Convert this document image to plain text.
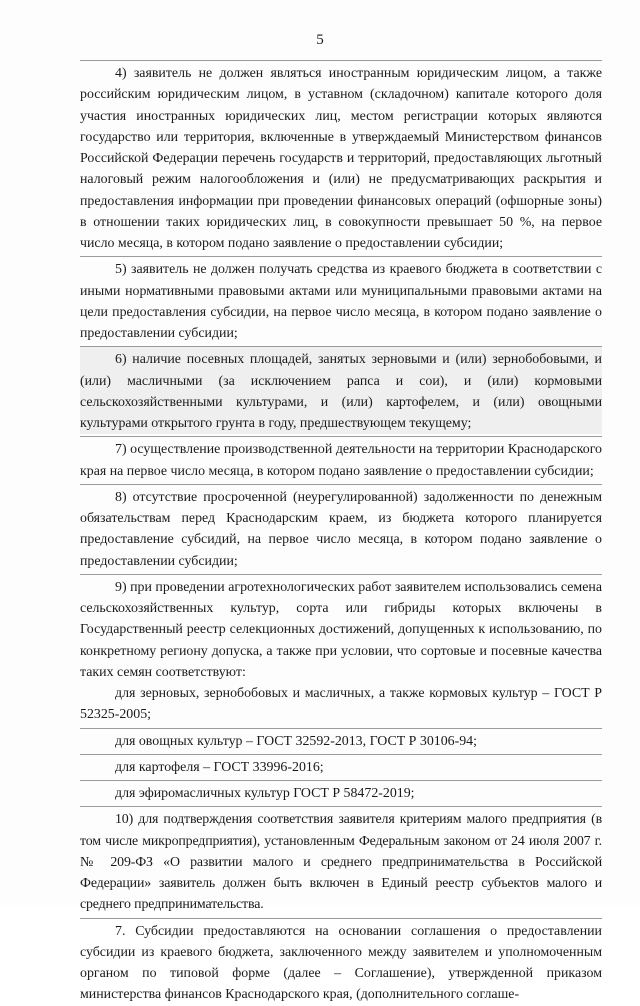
5

4) заявитель не должен являться иностранным юридическим лицом, а также российским юридическим лицом, в уставном (складочном) капитале которого доля участия иностранных юридических лиц, местом регистрации которых являются государство или территория, включенные в утверждаемый Министерством финансов Российской Федерации перечень государств и территорий, предоставляющих льготный налоговый режим налогообложения и (или) не предусматривающих раскрытия и предоставления информации при проведении финансовых операций (офшорные зоны) в отношении таких юридических лиц, в совокупности превышает 50 %, на первое число месяца, в котором подано заявление о предоставлении субсидии;

5) заявитель не должен получать средства из краевого бюджета в соответствии с иными нормативными правовыми актами или муниципальными правовыми актами на цели предоставления субсидии, на первое число месяца, в котором подано заявление о предоставлении субсидии;

6) наличие посевных площадей, занятых зерновыми и (или) зернобобовыми, и (или) масличными (за исключением рапса и сои), и (или) кормовыми сельскохозяйственными культурами, и (или) картофелем, и (или) овощными культурами открытого грунта в году, предшествующем текущему;

7) осуществление производственной деятельности на территории Краснодарского края на первое число месяца, в котором подано заявление о предоставлении субсидии;

8) отсутствие просроченной (неурегулированной) задолженности по денежным обязательствам перед Краснодарским краем, из бюджета которого планируется предоставление субсидий, на первое число месяца, в котором подано заявление о предоставлении субсидии;

9) при проведении агротехнологических работ заявителем использовались семена сельскохозяйственных культур, сорта или гибриды которых включены в Государственный реестр селекционных достижений, допущенных к использованию, по конкретному региону допуска, а также при условии, что сортовые и посевные качества таких семян соответствуют:

для зерновых, зернобобовых и масличных, а также кормовых культур – ГОСТ Р 52325-2005;

для овощных культур – ГОСТ 32592-2013, ГОСТ Р 30106-94;

для картофеля – ГОСТ 33996-2016;

для эфиромасличных культур ГОСТ Р 58472-2019;

10) для подтверждения соответствия заявителя критериям малого предприятия (в том числе микропредприятия), установленным Федеральным законом от 24 июля 2007 г. № 209-ФЗ «О развитии малого и среднего предпринимательства в Российской Федерации» заявитель должен быть включен в Единый реестр субъектов малого и среднего предпринимательства.

7. Субсидии предоставляются на основании соглашения о предоставлении субсидии из краевого бюджета, заключенного между заявителем и уполномоченным органом по типовой форме (далее – Соглашение), утвержденной приказом министерства финансов Краснодарского края, (дополнительного соглаше-
